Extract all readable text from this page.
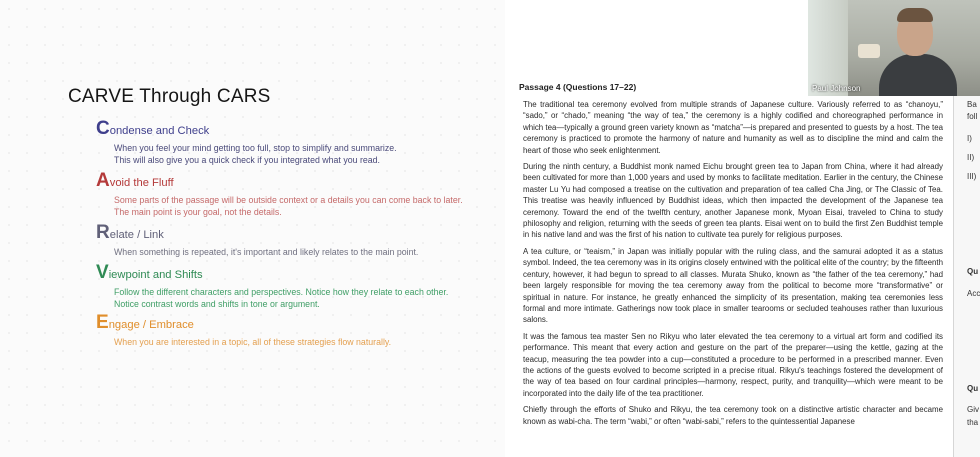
CARVE Through CARS
Condense and Check
When you feel your mind getting too full, stop to simplify and summarize.
This will also give you a quick check if you integrated what you read.
Avoid the Fluff
Some parts of the passage will be outside context or a details you can come back to later.
The main point is your goal, not the details.
Relate / Link
When something is repeated, it's important and likely relates to the main point.
Viewpoint and Shifts
Follow the different characters and perspectives. Notice how they relate to each other.
Notice contrast words and shifts in tone or argument.
Engage / Embrace
When you are interested in a topic, all of these strategies flow naturally.
Passage 4 (Questions 17–22)

The traditional tea ceremony evolved from multiple strands of Japanese culture. Variously referred to as “chanoyu,” “sado,” or “chado,” meaning “the way of tea,” the ceremony is a highly codified and choreographed performance in which tea—typically a ground green variety known as “matcha”—is prepared and presented to guests by a host. The tea ceremony is practiced to promote the harmony of nature and humanity as well as to discipline the mind and calm the heart of those who seek enlightenment.

During the ninth century, a Buddhist monk named Eichu brought green tea to Japan from China, where it had already been cultivated for more than 1,000 years and used by monks to facilitate meditation. Earlier in the century, the Chinese master Lu Yu had composed a treatise on the cultivation and preparation of tea called Cha Jing, or The Classic of Tea. This treatise was heavily influenced by Buddhist ideas, which then impacted the development of the Japanese tea ceremony. Toward the end of the twelfth century, another Japanese monk, Myoan Eisai, traveled to China to study philosophy and religion, returning with the seeds of green tea plants. Eisai went on to build the first Zen Buddhist temple in his native land and was the first of his nation to cultivate tea purely for religious purposes.

A tea culture, or “teaism,” in Japan was initially popular with the ruling class, and the samurai adopted it as a status symbol. Indeed, the tea ceremony was in its origins closely entwined with the political elite of the country; by the fifteenth century, however, it had begun to spread to all classes. Murata Shuko, known as “the father of the tea ceremony,” had been largely responsible for moving the tea ceremony away from the political to become more “transformative” or spiritual in nature. For instance, he greatly enhanced the simplicity of its presentation, making tea ceremonies less formal and more intimate. Gatherings now took place in smaller tearooms or secluded teahouses rather than luxurious salons.

It was the famous tea master Sen no Rikyu who later elevated the tea ceremony to a virtual art form and codified its performance. This meant that every action and gesture on the part of the preparer—using the kettle, gazing at the teacup, measuring the tea powder into a cup—constituted a procedure to be performed in a prescribed manner. Even the actions of the guests evolved to become scripted in a precise ritual. Rikyu's teachings fostered the development of the way of tea based on four cardinal principles—harmony, respect, purity, and tranquility—which were meant to be incorporated into the daily life of the tea practitioner.

Chiefly through the efforts of Shuko and Rikyu, the tea ceremony took on a distinctive artistic character and became known as wabi-cha. The term “wabi,” or often “wabi-sabi,” refers to the quintessential Japanese

Ba
foll
I)
II)
III)
Qu
Acc
Qu
Giv
tha
Paul Johnson
